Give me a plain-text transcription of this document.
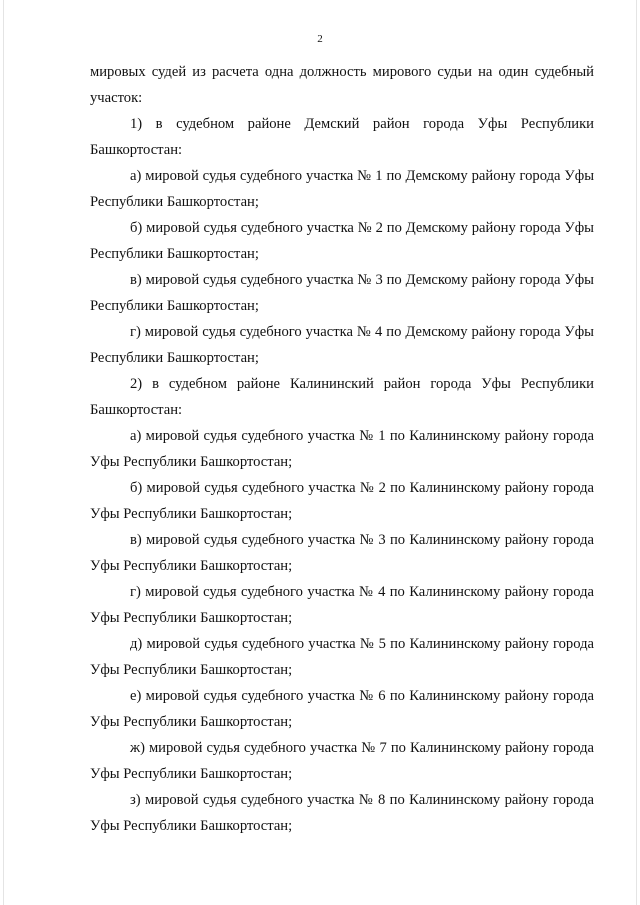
2

мировых судей из расчета одна должность мирового судьи на один судебный участок:

1) в судебном районе Демский район города Уфы Республики Башкортостан:

а) мировой судья судебного участка № 1 по Демскому району города Уфы Республики Башкортостан;

б) мировой судья судебного участка № 2 по Демскому району города Уфы Республики Башкортостан;

в) мировой судья судебного участка № 3 по Демскому району города Уфы Республики Башкортостан;

г) мировой судья судебного участка № 4 по Демскому району города Уфы Республики Башкортостан;

2) в судебном районе Калининский район города Уфы Республики Башкортостан:

а) мировой судья судебного участка № 1 по Калининскому району города Уфы Республики Башкортостан;

б) мировой судья судебного участка № 2 по Калининскому району города Уфы Республики Башкортостан;

в) мировой судья судебного участка № 3 по Калининскому району города Уфы Республики Башкортостан;

г) мировой судья судебного участка № 4 по Калининскому району города Уфы Республики Башкортостан;

д) мировой судья судебного участка № 5 по Калининскому району города Уфы Республики Башкортостан;

е) мировой судья судебного участка № 6 по Калининскому району города Уфы Республики Башкортостан;

ж) мировой судья судебного участка № 7 по Калининскому району города Уфы Республики Башкортостан;

з) мировой судья судебного участка № 8 по Калининскому району города Уфы Республики Башкортостан;
